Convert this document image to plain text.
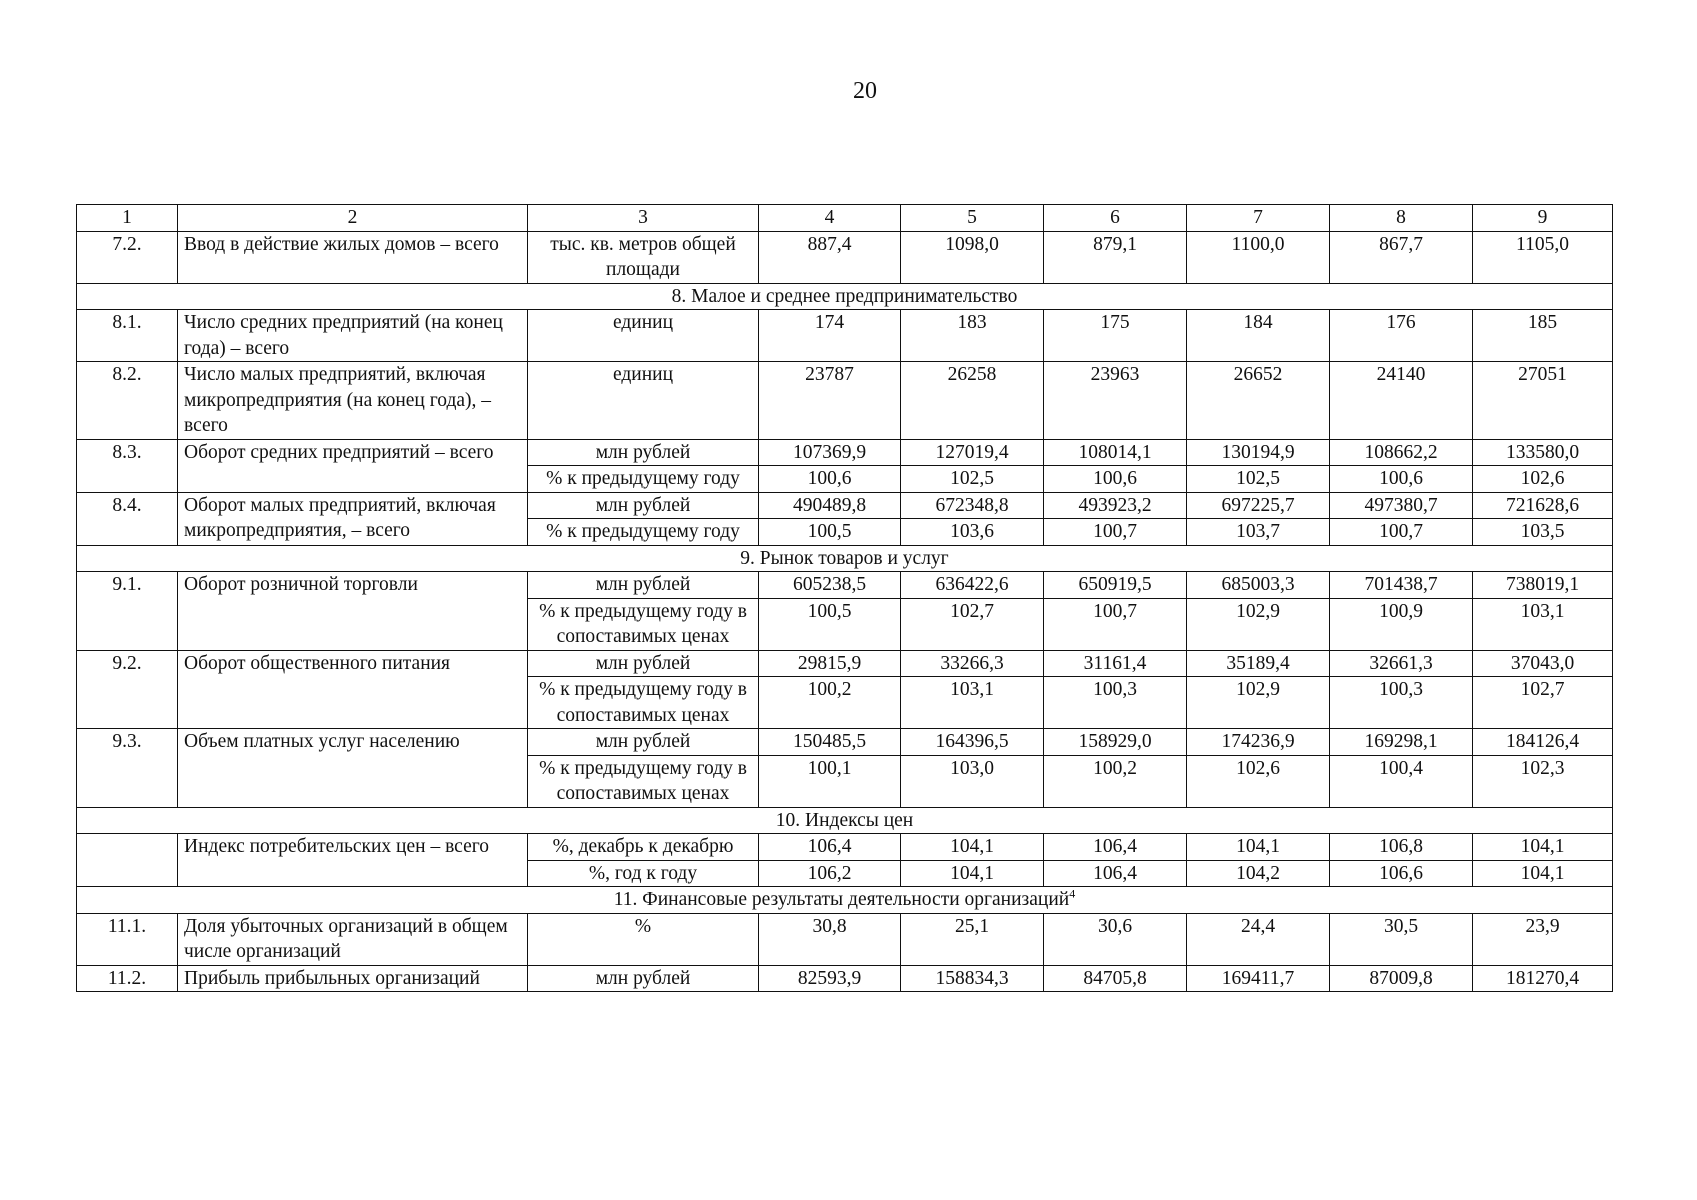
20
1	2	3	4	5	6	7	8	9
7.2.	Ввод в действие жилых домов – всего	тыс. кв. метров общей площади	887,4	1098,0	879,1	1100,0	867,7	1105,0
8. Малое и среднее предпринимательство								
8.1.	Число средних предприятий (на конец года) – всего	единиц	174	183	175	184	176	185
8.2.	Число малых предприятий, включая микропредприятия (на конец года), – всего	единиц	23787	26258	23963	26652	24140	27051
8.3.	Оборот средних предприятий – всего	млн рублей	107369,9	127019,4	108014,1	130194,9	108662,2	133580,0
		% к предыдущему году	100,6	102,5	100,6	102,5	100,6	102,6
8.4.	Оборот малых предприятий, включая микропредприятия, – всего	млн рублей	490489,8	672348,8	493923,2	697225,7	497380,7	721628,6
		% к предыдущему году	100,5	103,6	100,7	103,7	100,7	103,5
9. Рынок товаров и услуг								
9.1.	Оборот розничной торговли	млн рублей	605238,5	636422,6	650919,5	685003,3	701438,7	738019,1
		% к предыдущему году в сопоставимых ценах	100,5	102,7	100,7	102,9	100,9	103,1
9.2.	Оборот общественного питания	млн рублей	29815,9	33266,3	31161,4	35189,4	32661,3	37043,0
		% к предыдущему году в сопоставимых ценах	100,2	103,1	100,3	102,9	100,3	102,7
9.3.	Объем платных услуг населению	млн рублей	150485,5	164396,5	158929,0	174236,9	169298,1	184126,4
		% к предыдущему году в сопоставимых ценах	100,1	103,0	100,2	102,6	100,4	102,3
10. Индексы цен								
	Индекс потребительских цен – всего	%, декабрь к декабрю	106,4	104,1	106,4	104,1	106,8	104,1
		%, год к году	106,2	104,1	106,4	104,2	106,6	104,1
11. Финансовые результаты деятельности организаций$^4$
11.1.	Доля убыточных организаций в общем числе организаций	%	30,8	25,1	30,6	24,4	30,5	23,9
11.2.	Прибыль прибыльных организаций	млн рублей	82593,9	158834,3	84705,8	169411,7	87009,8	181270,4
